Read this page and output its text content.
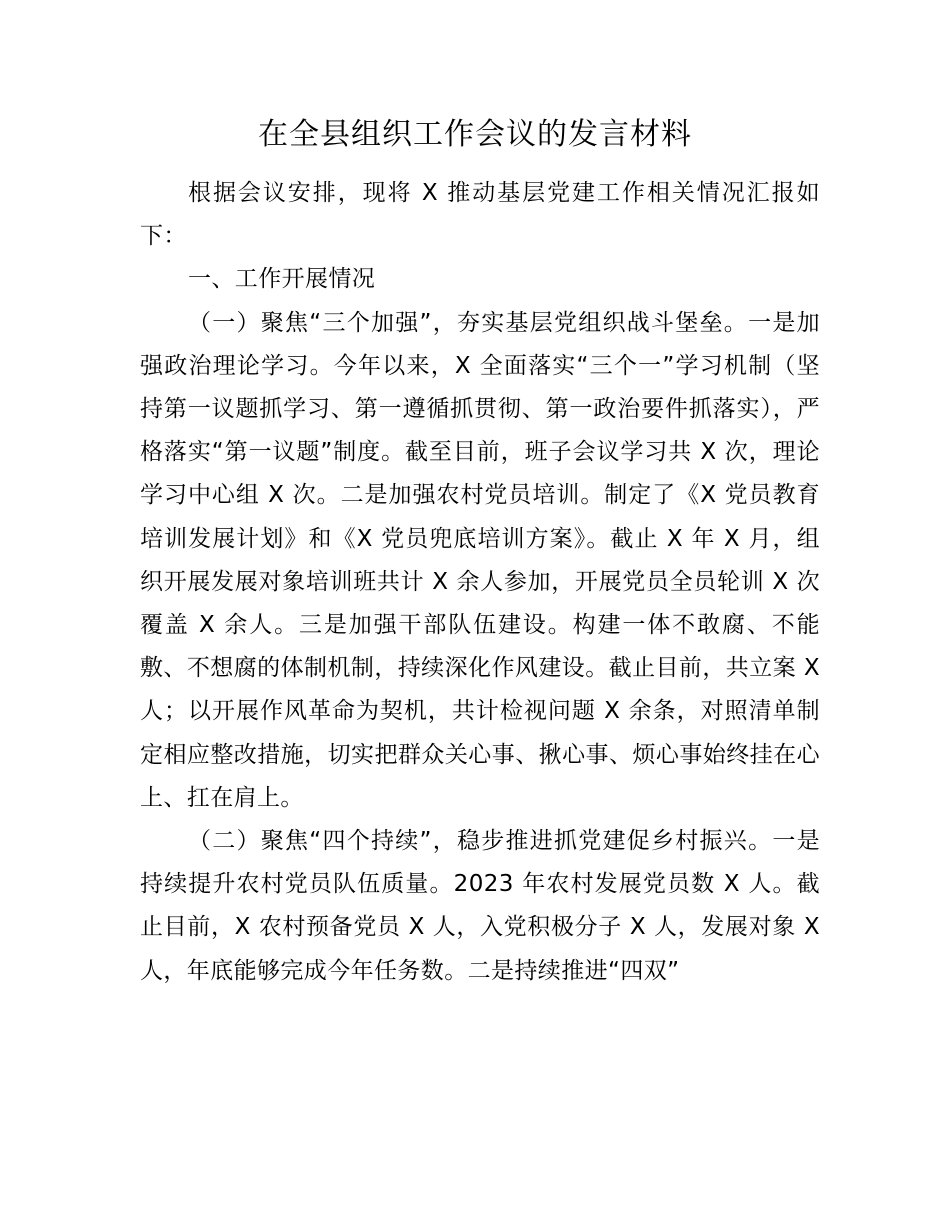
在全县组织工作会议的发言材料

根据会议安排，现将 X 推动基层党建工作相关情况汇报如下：

一、工作开展情况

（一）聚焦“三个加强”，夯实基层党组织战斗堡垒。一是加强政治理论学习。今年以来，X 全面落实“三个一”学习机制（坚持第一议题抓学习、第一遵循抓贯彻、第一政治要件抓落实），严格落实“第一议题”制度。截至目前，班子会议学习共 X 次，理论学习中心组 X 次。二是加强农村党员培训。制定了《X 党员教育培训发展计划》和《X 党员兜底培训方案》。截止 X 年 X 月，组织开展发展对象培训班共计 X 余人参加，开展党员全员轮训 X 次覆盖 X 余人。三是加强干部队伍建设。构建一体不敢腐、不能敷、不想腐的体制机制，持续深化作风建设。截止目前，共立案 X 人；以开展作风革命为契机，共计检视问题 X 余条，对照清单制定相应整改措施，切实把群众关心事、揪心事、烦心事始终挂在心上、扛在肩上。

（二）聚焦“四个持续”，稳步推进抓党建促乡村振兴。一是持续提升农村党员队伍质量。2023 年农村发展党员数 X 人。截止目前，X 农村预备党员 X 人，入党积极分子 X 人，发展对象 X 人，年底能够完成今年任务数。二是持续推进“四双”
